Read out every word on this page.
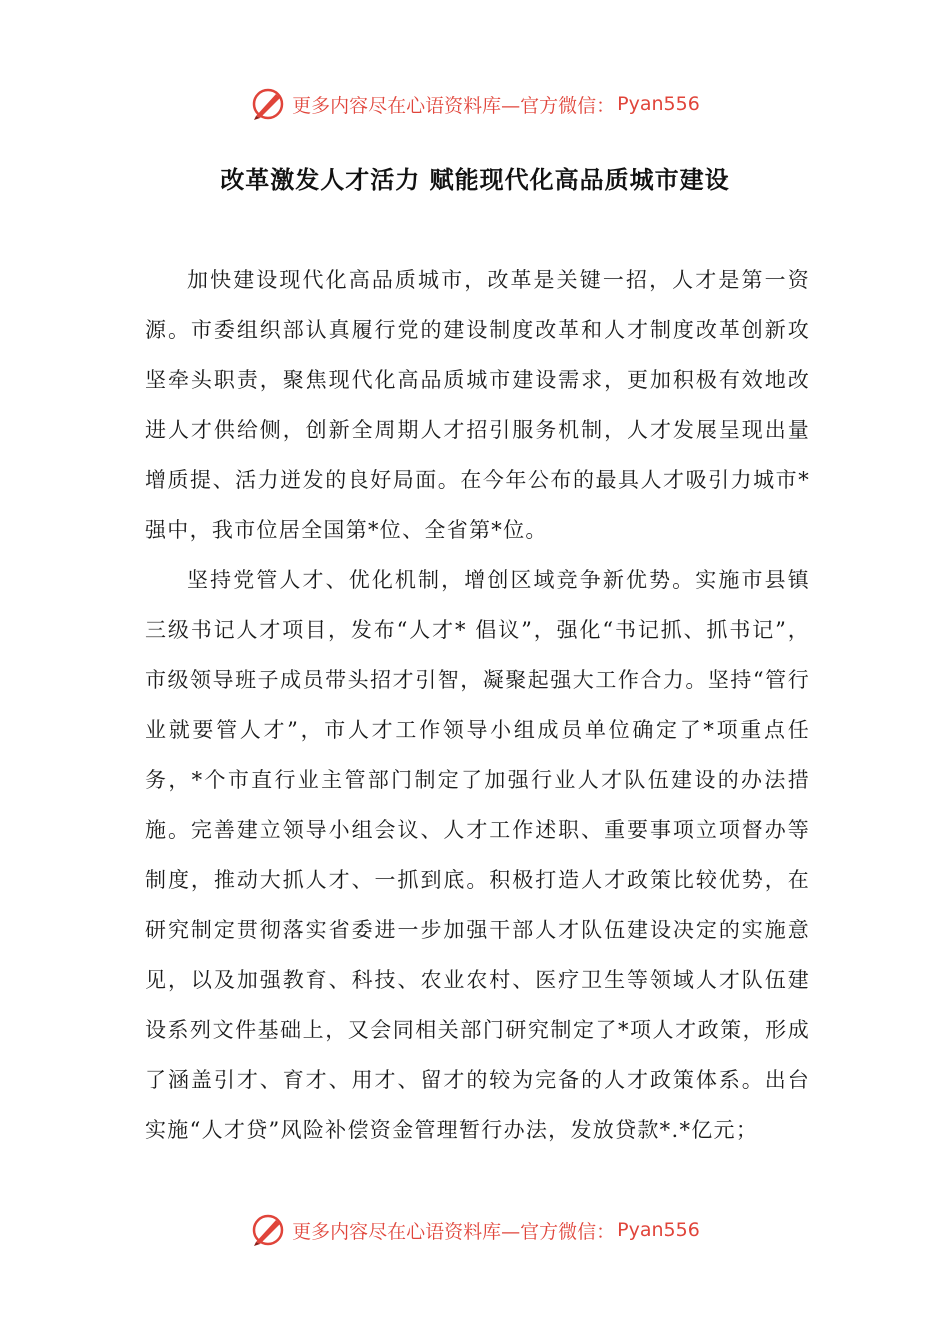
更多内容尽在心语资料库—官方微信： Pyan556
改革激发人才活力 赋能现代化高品质城市建设

加快建设现代化高品质城市，改革是关键一招，人才是第一资源。市委组织部认真履行党的建设制度改革和人才制度改革创新攻坚牵头职责，聚焦现代化高品质城市建设需求，更加积极有效地改进人才供给侧，创新全周期人才招引服务机制，人才发展呈现出量增质提、活力迸发的良好局面。在今年公布的最具人才吸引力城市*强中，我市位居全国第*位、全省第*位。

坚持党管人才、优化机制，增创区域竞争新优势。实施市县镇三级书记人才项目，发布“人才* 倡议”，强化“书记抓、抓书记”，市级领导班子成员带头招才引智，凝聚起强大工作合力。坚持“管行业就要管人才”，市人才工作领导小组成员单位确定了*项重点任务，*个市直行业主管部门制定了加强行业人才队伍建设的办法措施。完善建立领导小组会议、人才工作述职、重要事项立项督办等制度，推动大抓人才、一抓到底。积极打造人才政策比较优势，在研究制定贯彻落实省委进一步加强干部人才队伍建设决定的实施意见，以及加强教育、科技、农业农村、医疗卫生等领域人才队伍建设系列文件基础上，又会同相关部门研究制定了*项人才政策，形成了涵盖引才、育才、用才、留才的较为完备的人才政策体系。出台实施“人才贷”风险补偿资金管理暂行办法，发放贷款*.*亿元；

更多内容尽在心语资料库—官方微信： Pyan556
